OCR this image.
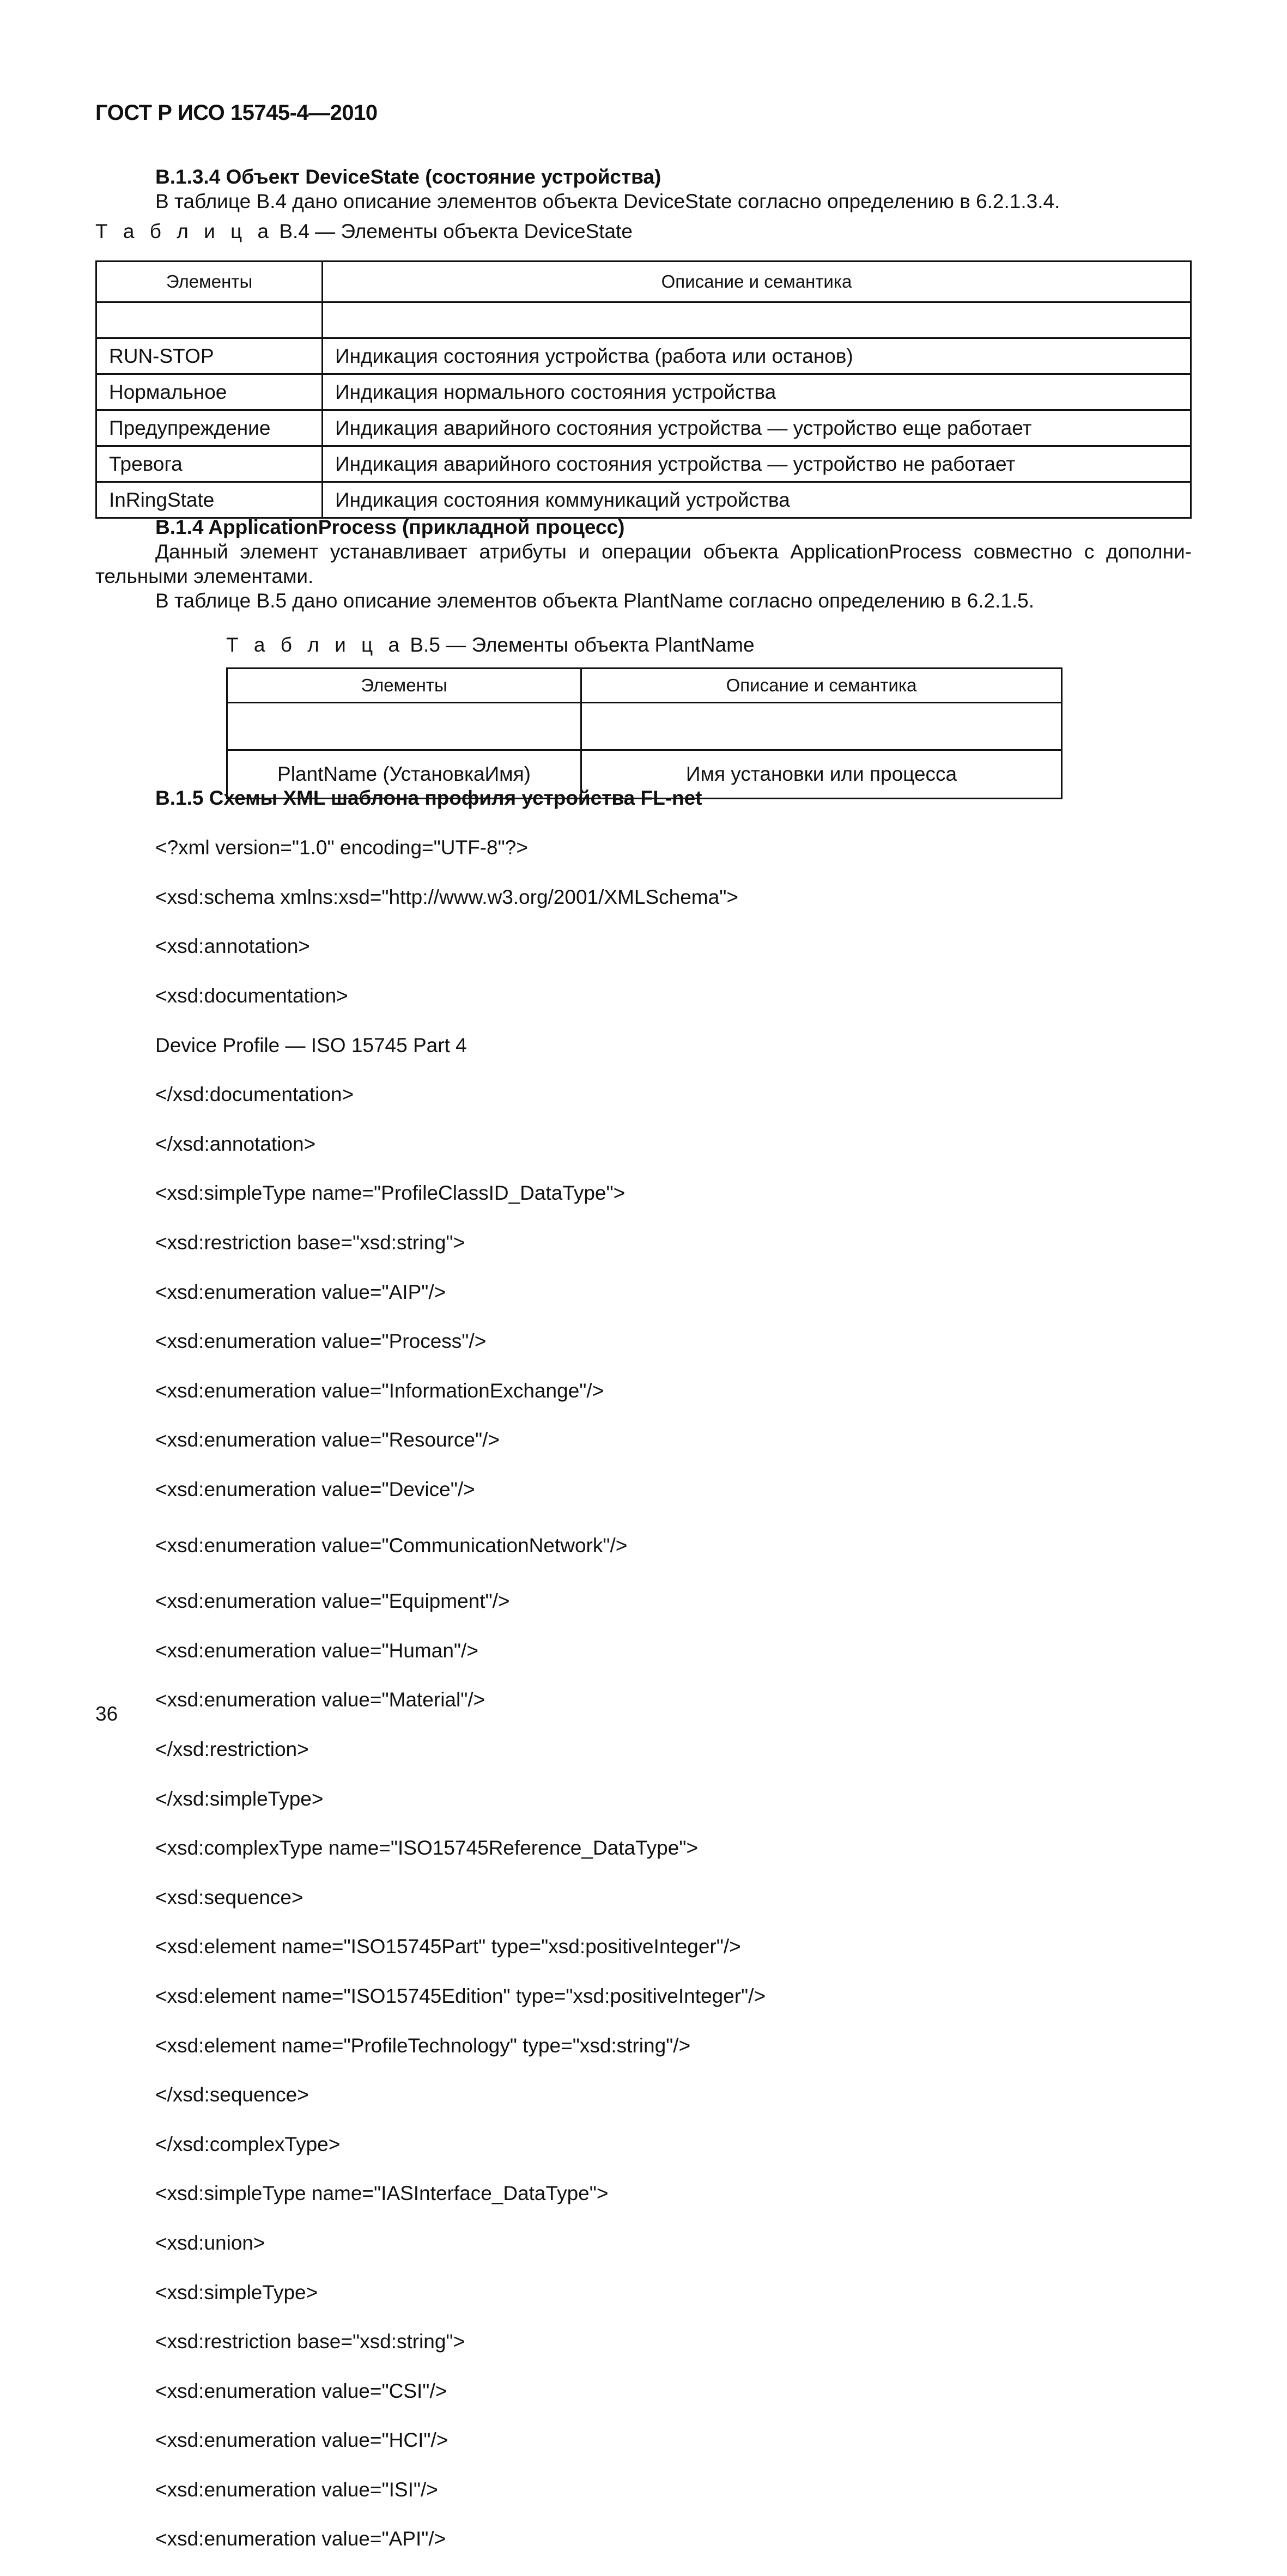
ГОСТ Р ИСО 15745-4—2010
B.1.3.4 Объект DeviceState (состояние устройства)
В таблице В.4 дано описание элементов объекта DeviceState согласно определению в 6.2.1.3.4.
Т а б л и ц а В.4 — Элементы объекта DeviceState
Элементы	Описание и семантика

RUN-STOP	Индикация состояния устройства (работа или останов)
Нормальное	Индикация нормального состояния устройства
Предупреждение	Индикация аварийного состояния устройства — устройство еще работает
Тревога	Индикация аварийного состояния устройства — устройство не работает
InRingState	Индикация состояния коммуникаций устройства
B.1.4 ApplicationProcess (прикладной процесс)
Данный элемент устанавливает атрибуты и операции объекта ApplicationProcess совместно с дополни-тельными элементами.
В таблице В.5 дано описание элементов объекта PlantName согласно определению в 6.2.1.5.
Т а б л и ц а В.5 — Элементы объекта PlantName
Элементы	Описание и семантика

PlantName (УстановкаИмя)	Имя установки или процесса
B.1.5 Схемы XML шаблона профиля устройства FL-net

<?xml version="1.0" encoding="UTF-8"?>

<xsd:schema xmlns:xsd="http://www.w3.org/2001/XMLSchema">

<xsd:annotation>

<xsd:documentation>

Device Profile — ISO 15745 Part 4

</xsd:documentation>

</xsd:annotation>

<xsd:simpleType name="ProfileClassID_DataType">

<xsd:restriction base="xsd:string">

<xsd:enumeration value="AIP"/>

<xsd:enumeration value="Process"/>

<xsd:enumeration value="InformationExchange"/>

<xsd:enumeration value="Resource"/>

<xsd:enumeration value="Device"/>

<xsd:enumeration value="CommunicationNetwork"/>

<xsd:enumeration value="Equipment"/>

<xsd:enumeration value="Human"/>

<xsd:enumeration value="Material"/>

</xsd:restriction>

</xsd:simpleType>

<xsd:complexType name="ISO15745Reference_DataType">

<xsd:sequence>

<xsd:element name="ISO15745Part" type="xsd:positiveInteger"/>

<xsd:element name="ISO15745Edition" type="xsd:positiveInteger"/>

<xsd:element name="ProfileTechnology" type="xsd:string"/>

</xsd:sequence>

</xsd:complexType>

<xsd:simpleType name="IASInterface_DataType">

<xsd:union>

<xsd:simpleType>

<xsd:restriction base="xsd:string">

<xsd:enumeration value="CSI"/>

<xsd:enumeration value="HCI"/>

<xsd:enumeration value="ISI"/>

<xsd:enumeration value="API"/>

36
